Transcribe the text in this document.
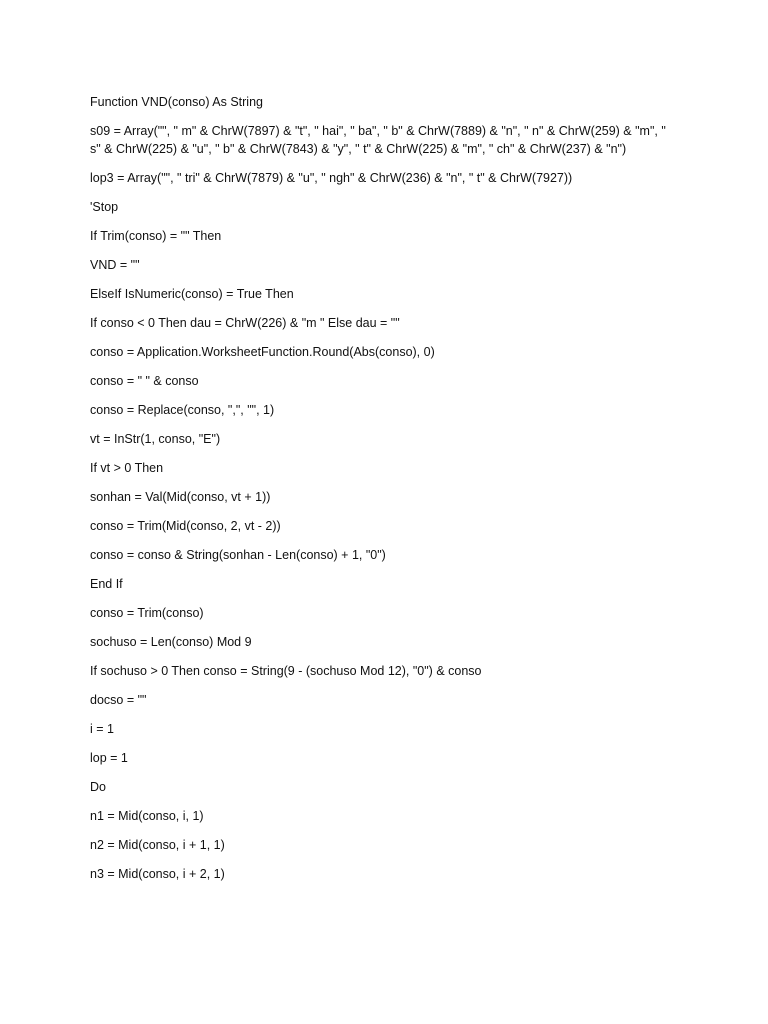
Function VND(conso) As String
s09 = Array("", " m" & ChrW(7897) & "t", " hai", " ba", " b" & ChrW(7889) & "n", " n" & ChrW(259) & "m", " s" & ChrW(225) & "u", " b" & ChrW(7843) & "y", " t" & ChrW(225) & "m", " ch" & ChrW(237) & "n")
lop3 = Array("", " tri" & ChrW(7879) & "u", " ngh" & ChrW(236) & "n", " t" & ChrW(7927))
'Stop
If Trim(conso) = "" Then
VND = ""
ElseIf IsNumeric(conso) = True Then
If conso < 0 Then dau = ChrW(226) & "m " Else dau = ""
conso = Application.WorksheetFunction.Round(Abs(conso), 0)
conso = " " & conso
conso = Replace(conso, ",", "", 1)
vt = InStr(1, conso, "E")
If vt > 0 Then
sonhan = Val(Mid(conso, vt + 1))
conso = Trim(Mid(conso, 2, vt - 2))
conso = conso & String(sonhan - Len(conso) + 1, "0")
End If
conso = Trim(conso)
sochuso = Len(conso) Mod 9
If sochuso > 0 Then conso = String(9 - (sochuso Mod 12), "0") & conso
docso = ""
i = 1
lop = 1
Do
n1 = Mid(conso, i, 1)
n2 = Mid(conso, i + 1, 1)
n3 = Mid(conso, i + 2, 1)
